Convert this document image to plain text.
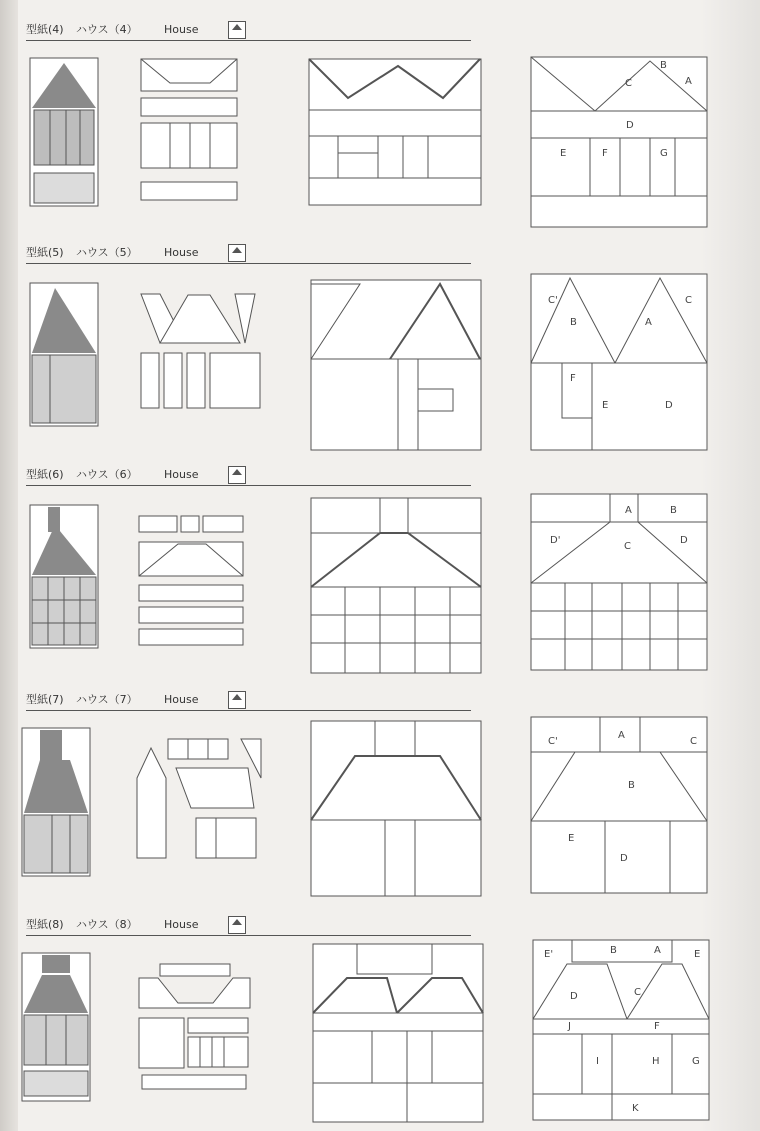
型紙(4) ハウス（4） House
B
A
C
D
E	F	G
型紙(5) ハウス（5） House
C'
B	A
C
F
E	D
型紙(6) ハウス（6） House
A	B
D'
C
D
型紙(7) ハウス（7） House
C'
A
C
B
E
D
型紙(8) ハウス（8） House
E'	B	A	E
D	C
J	F
I	H	G
K
